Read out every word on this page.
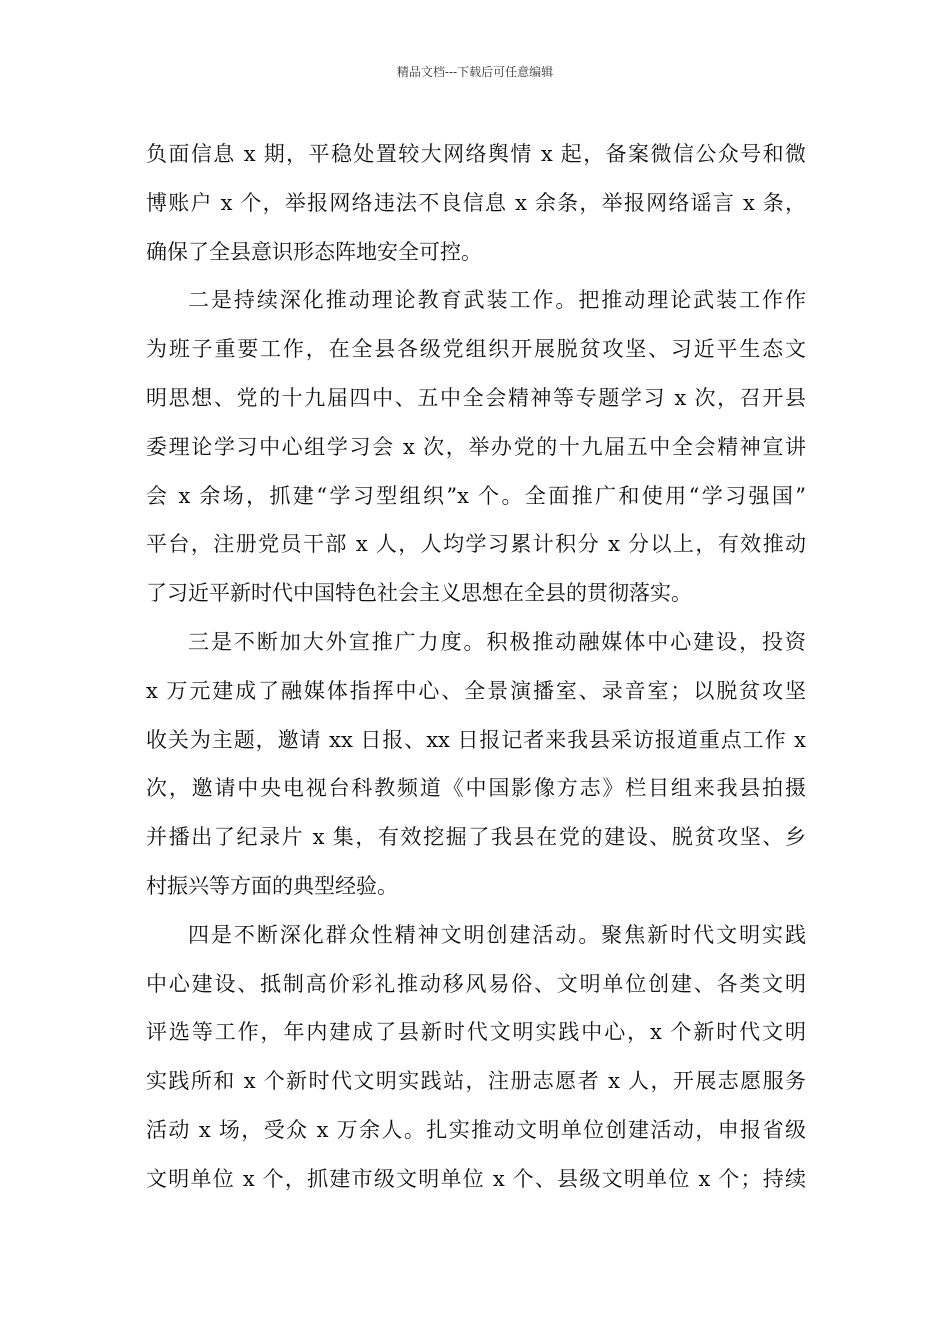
精品文档---下载后可任意编辑
负面信息 x 期，平稳处置较大网络舆情 x 起，备案微信公众号和微
博账户 x 个，举报网络违法不良信息 x 余条，举报网络谣言 x 条，
确保了全县意识形态阵地安全可控。
二是持续深化推动理论教育武装工作。把推动理论武装工作作
为班子重要工作，在全县各级党组织开展脱贫攻坚、习近平生态文
明思想、党的十九届四中、五中全会精神等专题学习 x 次，召开县
委理论学习中心组学习会 x 次，举办党的十九届五中全会精神宣讲
会 x 余场，抓建“学习型组织”x 个。全面推广和使用“学习强国”
平台，注册党员干部 x 人，人均学习累计积分 x 分以上，有效推动
了习近平新时代中国特色社会主义思想在全县的贯彻落实。
三是不断加大外宣推广力度。积极推动融媒体中心建设，投资
x 万元建成了融媒体指挥中心、全景演播室、录音室；以脱贫攻坚
收关为主题，邀请 xx 日报、xx 日报记者来我县采访报道重点工作 x
次，邀请中央电视台科教频道《中国影像方志》栏目组来我县拍摄
并播出了纪录片 x 集，有效挖掘了我县在党的建设、脱贫攻坚、乡
村振兴等方面的典型经验。
四是不断深化群众性精神文明创建活动。聚焦新时代文明实践
中心建设、抵制高价彩礼推动移风易俗、文明单位创建、各类文明
评选等工作，年内建成了县新时代文明实践中心，x 个新时代文明
实践所和 x 个新时代文明实践站，注册志愿者 x 人，开展志愿服务
活动 x 场，受众 x 万余人。扎实推动文明单位创建活动，申报省级
文明单位 x 个，抓建市级文明单位 x 个、县级文明单位 x 个；持续
